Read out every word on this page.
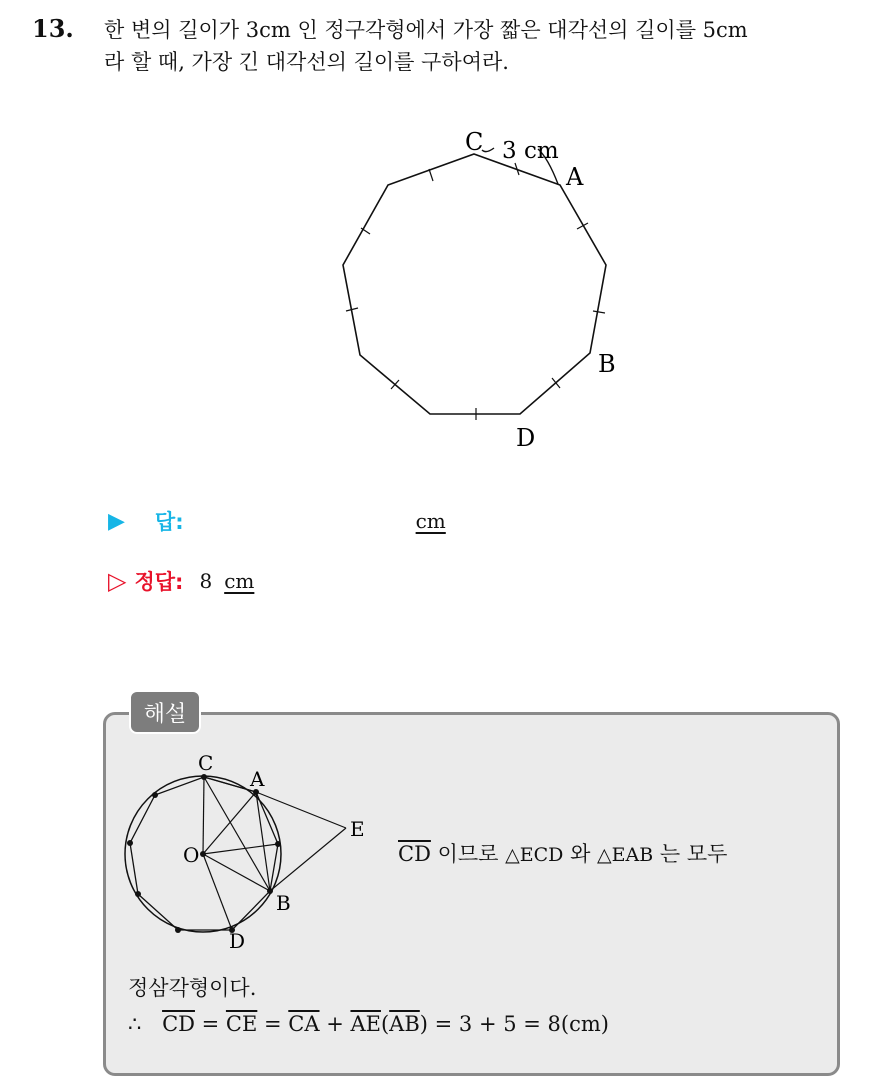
13. 한 변의 길이가 3cm 인 정구각형에서 가장 짧은 대각선의 길이를 5cm
라 할 때, 가장 긴 대각선의 길이를 구하여라.
C 3 cm
A
B
D
▶ 답:	cm
▷ 정답: 8 cm
해설
C
A
E
O
B
D
$\overline{CD}$ 이므로 △ECD 와 △EAB 는 모두
정삼각형이다.
∴ $\overline{CD} = \overline{CE} = \overline{CA} + \overline{AE}(\overline{AB}) = 3 + 5 = 8(cm)$
